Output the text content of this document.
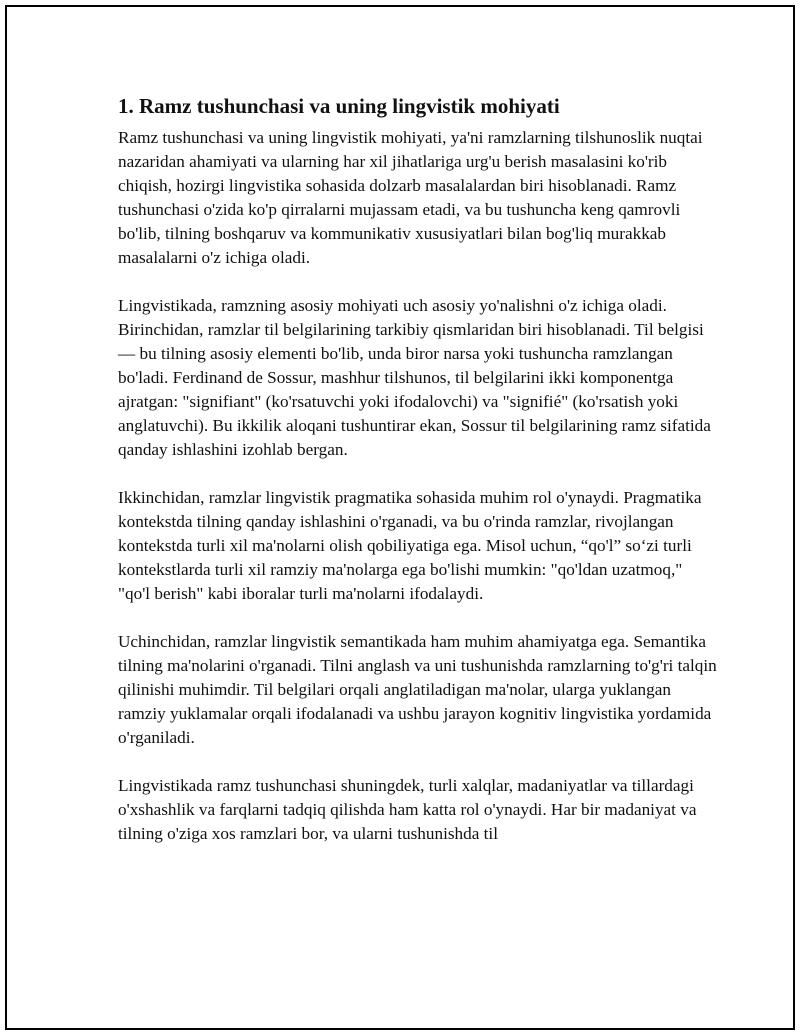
1. Ramz tushunchasi va uning lingvistik mohiyati

Ramz tushunchasi va uning lingvistik mohiyati, ya'ni ramzlarning tilshunoslik nuqtai nazaridan ahamiyati va ularning har xil jihatlariga urg'u berish masalasini ko'rib chiqish, hozirgi lingvistika sohasida dolzarb masalalardan biri hisoblanadi. Ramz tushunchasi o'zida ko'p qirralarni mujassam etadi, va bu tushuncha keng qamrovli bo'lib, tilning boshqaruv va kommunikativ xususiyatlari bilan bog'liq murakkab masalalarni o'z ichiga oladi.

Lingvistikada, ramzning asosiy mohiyati uch asosiy yo'nalishni o'z ichiga oladi. Birinchidan, ramzlar til belgilarining tarkibiy qismlaridan biri hisoblanadi. Til belgisi — bu tilning asosiy elementi bo'lib, unda biror narsa yoki tushuncha ramzlangan bo'ladi. Ferdinand de Sossur, mashhur tilshunos, til belgilarini ikki komponentga ajratgan: "signifiant" (ko'rsatuvchi yoki ifodalovchi) va "signifié" (ko'rsatish yoki anglatuvchi). Bu ikkilik aloqani tushuntirar ekan, Sossur til belgilarining ramz sifatida qanday ishlashini izohlab bergan.

Ikkinchidan, ramzlar lingvistik pragmatika sohasida muhim rol o'ynaydi. Pragmatika kontekstda tilning qanday ishlashini o'rganadi, va bu o'rinda ramzlar, rivojlangan kontekstda turli xil ma'nolarni olish qobiliyatiga ega. Misol uchun, “qo'l” so‘zi turli kontekstlarda turli xil ramziy ma'nolarga ega bo'lishi mumkin: "qo'ldan uzatmoq," "qo'l berish" kabi iboralar turli ma'nolarni ifodalaydi.

Uchinchidan, ramzlar lingvistik semantikada ham muhim ahamiyatga ega. Semantika tilning ma'nolarini o'rganadi. Tilni anglash va uni tushunishda ramzlarning to'g'ri talqin qilinishi muhimdir. Til belgilari orqali anglatiladigan ma'nolar, ularga yuklangan ramziy yuklamalar orqali ifodalanadi va ushbu jarayon kognitiv lingvistika yordamida o'rganiladi.

Lingvistikada ramz tushunchasi shuningdek, turli xalqlar, madaniyatlar va tillardagi o'xshashlik va farqlarni tadqiq qilishda ham katta rol o'ynaydi. Har bir madaniyat va tilning o'ziga xos ramzlari bor, va ularni tushunishda til
